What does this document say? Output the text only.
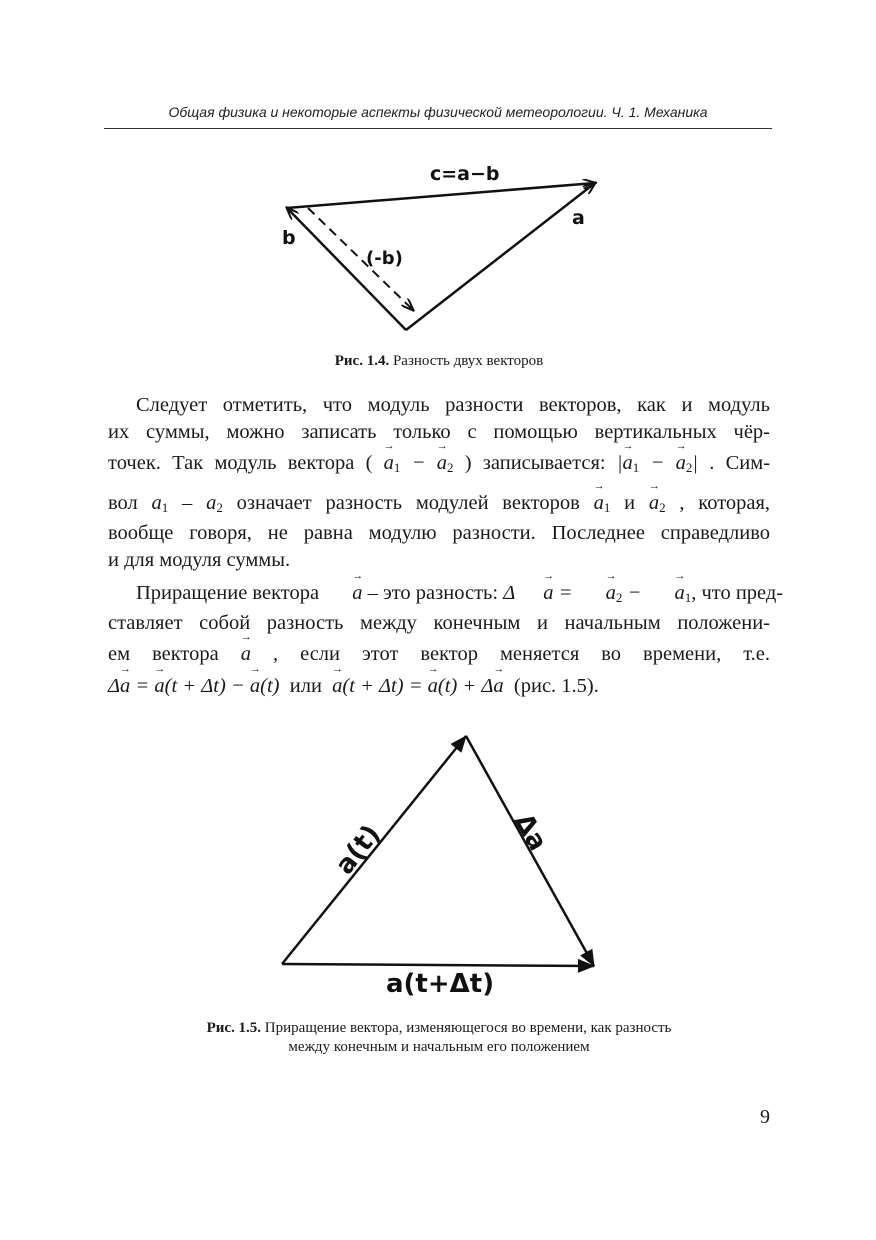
Общая физика и некоторые аспекты физической метеорологии. Ч. 1. Механика
c=a−b
a
b
(-b)
Рис. 1.4. Разность двух векторов
Следует отметить, что модуль разности векторов, как и модуль
их суммы, можно записать только с помощью вертикальных чёр-
точек. Так модуль вектора ( → $a_1$ − → $a_2$ ) записывается: |→ $a_1$ − → $a_2|$ . Сим-
вол $a_1 - a_2$ означает разность модулей векторов → $a_1$ $и \to a_2$ , которая,
вообще говоря, не равна модулю разности. Последнее справедливо
и для модуля суммы.
Приращение вектора → a – это разность: Δ → a = → $a_2$ − → $a_1$, что пред-
ставляет собой разность между конечным и начальным положени-
ем вектора → a , если этот вектор меняется во времени, т.е.
Δ→ a = → a(t + Δt) − → a(t) или → a(t + Δt) = → a(t) + Δ→ a (рис. 1.5).
a(t)	Δa
a(t+Δt)
Рис. 1.5. Приращение вектора, изменяющегося во времени, как разность
между конечным и начальным его положением
9
